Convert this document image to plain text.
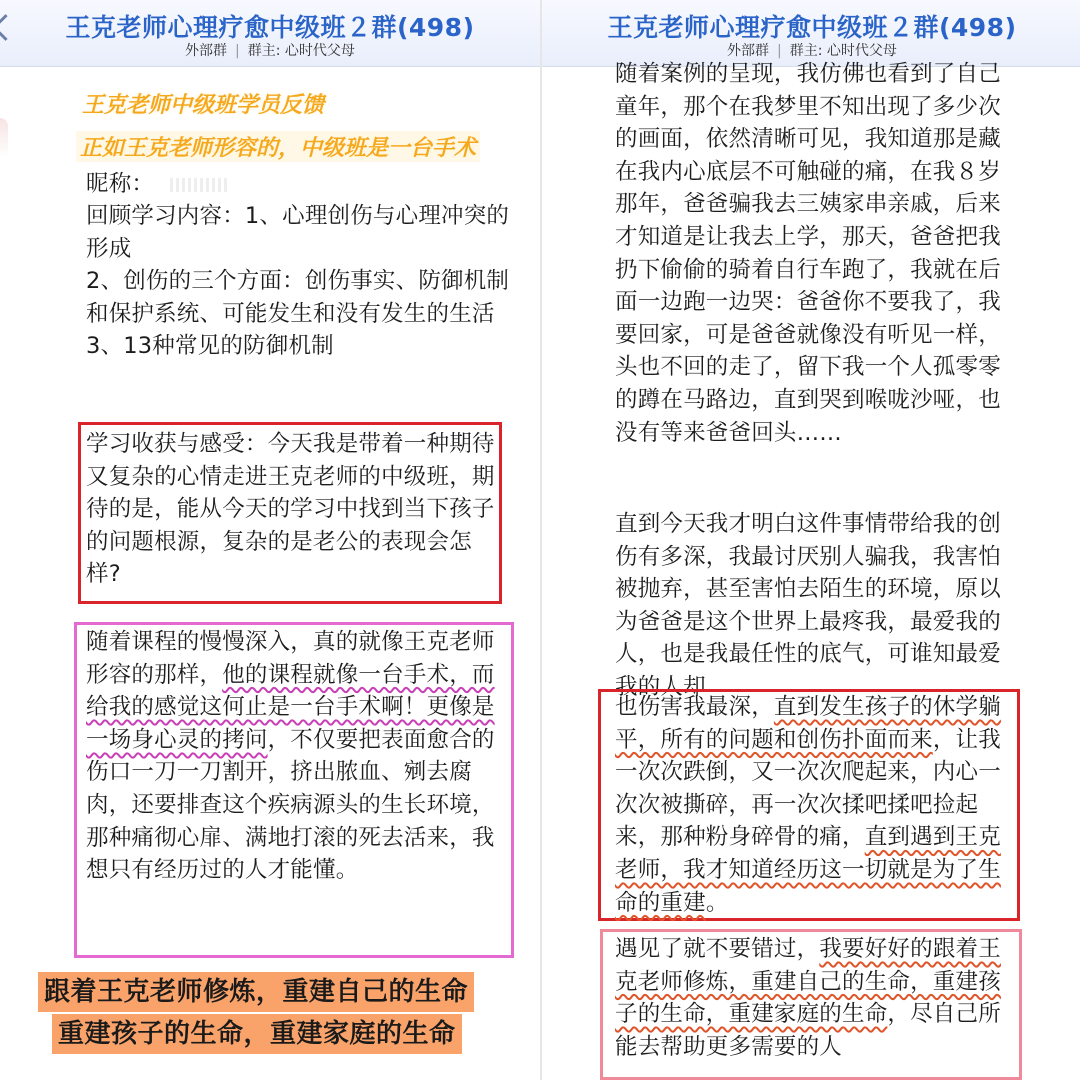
王克老师心理疗愈中级班２群(498)
外部群 | 群主: 心时代父母
王克老师中级班学员反馈
正如王克老师形容的，中级班是一台手术
昵称：
回顾学习内容：1、心理创伤与心理冲突的形成
2、创伤的三个方面：创伤事实、防御机制和保护系统、可能发生和没有发生的生活
3、13种常见的防御机制
学习收获与感受：今天我是带着一种期待又复杂的心情走进王克老师的中级班，期待的是，能从今天的学习中找到当下孩子的问题根源，复杂的是老公的表现会怎样?
随着课程的慢慢深入，真的就像王克老师形容的那样，他的课程就像一台手术，而给我的感觉这何止是一台手术啊！更像是一场身心灵的拷问，不仅要把表面愈合的伤口一刀一刀割开，挤出脓血、剜去腐肉，还要排查这个疾病源头的生长环境，那种痛彻心扉、满地打滚的死去活来，我想只有经历过的人才能懂。
跟着王克老师修炼，重建自己的生命
重建孩子的生命，重建家庭的生命
王克老师心理疗愈中级班２群(498)
外部群 | 群主: 心时代父母
随着案例的呈现，我仿佛也看到了自己童年，那个在我梦里不知出现了多少次的画面，依然清晰可见，我知道那是藏在我内心底层不可触碰的痛，在我８岁那年，爸爸骗我去三姨家串亲戚，后来才知道是让我去上学，那天，爸爸把我扔下偷偷的骑着自行车跑了，我就在后面一边跑一边哭：爸爸你不要我了，我要回家，可是爸爸就像没有听见一样，头也不回的走了，留下我一个人孤零零的蹲在马路边，直到哭到喉咙沙哑，也没有等来爸爸回头……
直到今天我才明白这件事情带给我的创伤有多深，我最讨厌别人骗我，我害怕被抛弃，甚至害怕去陌生的环境，原以为爸爸是这个世界上最疼我，最爱我的人，也是我最任性的底气，可谁知最爱我的人却
也伤害我最深，直到发生孩子的休学躺平，所有的问题和创伤扑面而来，让我一次次跌倒，又一次次爬起来，内心一次次被撕碎，再一次次揉吧揉吧捡起来，那种粉身碎骨的痛，直到遇到王克老师，我才知道经历这一切就是为了生命的重建。
遇见了就不要错过，我要好好的跟着王克老师修炼，重建自己的生命，重建孩子的生命，重建家庭的生命，尽自己所能去帮助更多需要的人
